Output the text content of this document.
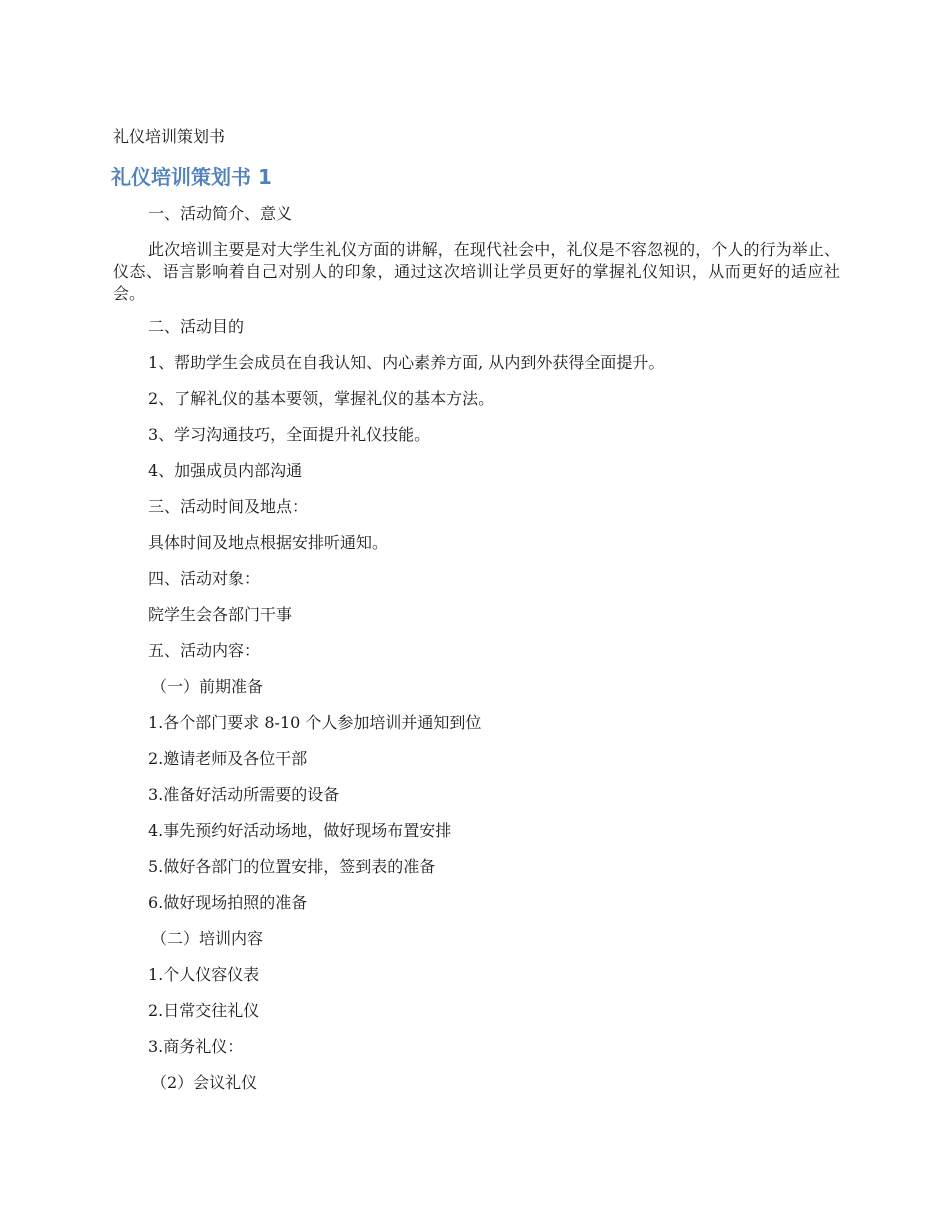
礼仪培训策划书
礼仪培训策划书 1

一、活动简介、意义

此次培训主要是对大学生礼仪方面的讲解，在现代社会中，礼仪是不容忽视的，个人的行为举止、仪态、语言影响着自己对别人的印象，通过这次培训让学员更好的掌握礼仪知识，从而更好的适应社会。

二、活动目的

1、帮助学生会成员在自我认知、内心素养方面, 从内到外获得全面提升。

2、了解礼仪的基本要领，掌握礼仪的基本方法。

3、学习沟通技巧，全面提升礼仪技能。

4、加强成员内部沟通

三、活动时间及地点：

具体时间及地点根据安排听通知。

四、活动对象：

院学生会各部门干事

五、活动内容：

（一）前期准备

1.各个部门要求 8-10 个人参加培训并通知到位

2.邀请老师及各位干部

3.准备好活动所需要的设备

4.事先预约好活动场地，做好现场布置安排

5.做好各部门的位置安排，签到表的准备

6.做好现场拍照的准备

（二）培训内容

1.个人仪容仪表

2.日常交往礼仪

3.商务礼仪：

（2）会议礼仪
